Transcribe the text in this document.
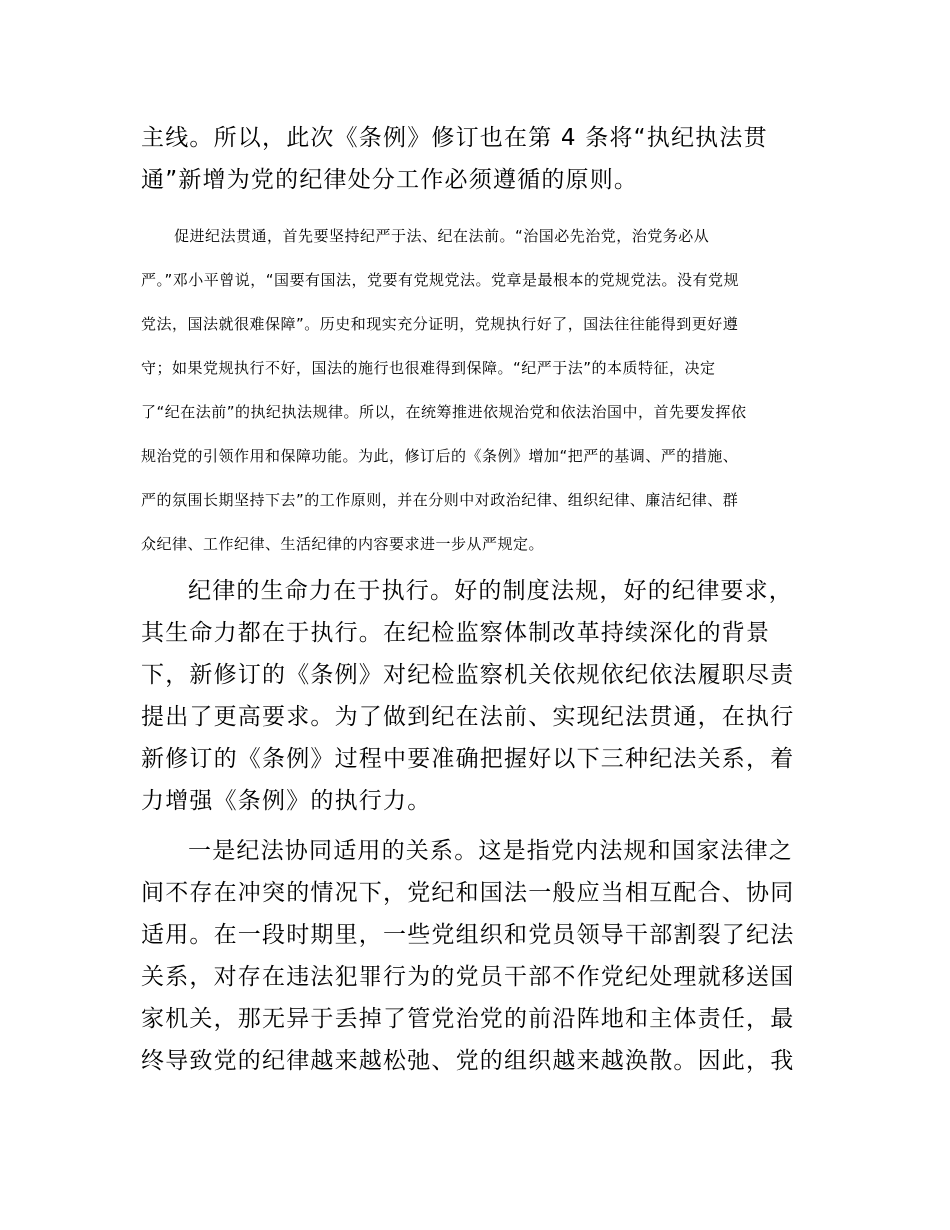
主线。所以，此次《条例》修订也在第 4 条将“执纪执法贯
通”新增为党的纪律处分工作必须遵循的原则。
促进纪法贯通，首先要坚持纪严于法、纪在法前。“治国必先治党，治党务必从
严。”邓小平曾说，“国要有国法，党要有党规党法。党章是最根本的党规党法。没有党规
党法，国法就很难保障”。历史和现实充分证明，党规执行好了，国法往往能得到更好遵
守；如果党规执行不好，国法的施行也很难得到保障。“纪严于法”的本质特征，决定
了“纪在法前”的执纪执法规律。所以，在统筹推进依规治党和依法治国中，首先要发挥依
规治党的引领作用和保障功能。为此，修订后的《条例》增加“把严的基调、严的措施、
严的氛围长期坚持下去”的工作原则，并在分则中对政治纪律、组织纪律、廉洁纪律、群
众纪律、工作纪律、生活纪律的内容要求进一步从严规定。
纪律的生命力在于执行。好的制度法规，好的纪律要求，
其生命力都在于执行。在纪检监察体制改革持续深化的背景
下，新修订的《条例》对纪检监察机关依规依纪依法履职尽责
提出了更高要求。为了做到纪在法前、实现纪法贯通，在执行
新修订的《条例》过程中要准确把握好以下三种纪法关系，着
力增强《条例》的执行力。
一是纪法协同适用的关系。这是指党内法规和国家法律之
间不存在冲突的情况下，党纪和国法一般应当相互配合、协同
适用。在一段时期里，一些党组织和党员领导干部割裂了纪法
关系，对存在违法犯罪行为的党员干部不作党纪处理就移送国
家机关，那无异于丢掉了管党治党的前沿阵地和主体责任，最
终导致党的纪律越来越松弛、党的组织越来越涣散。因此，我
